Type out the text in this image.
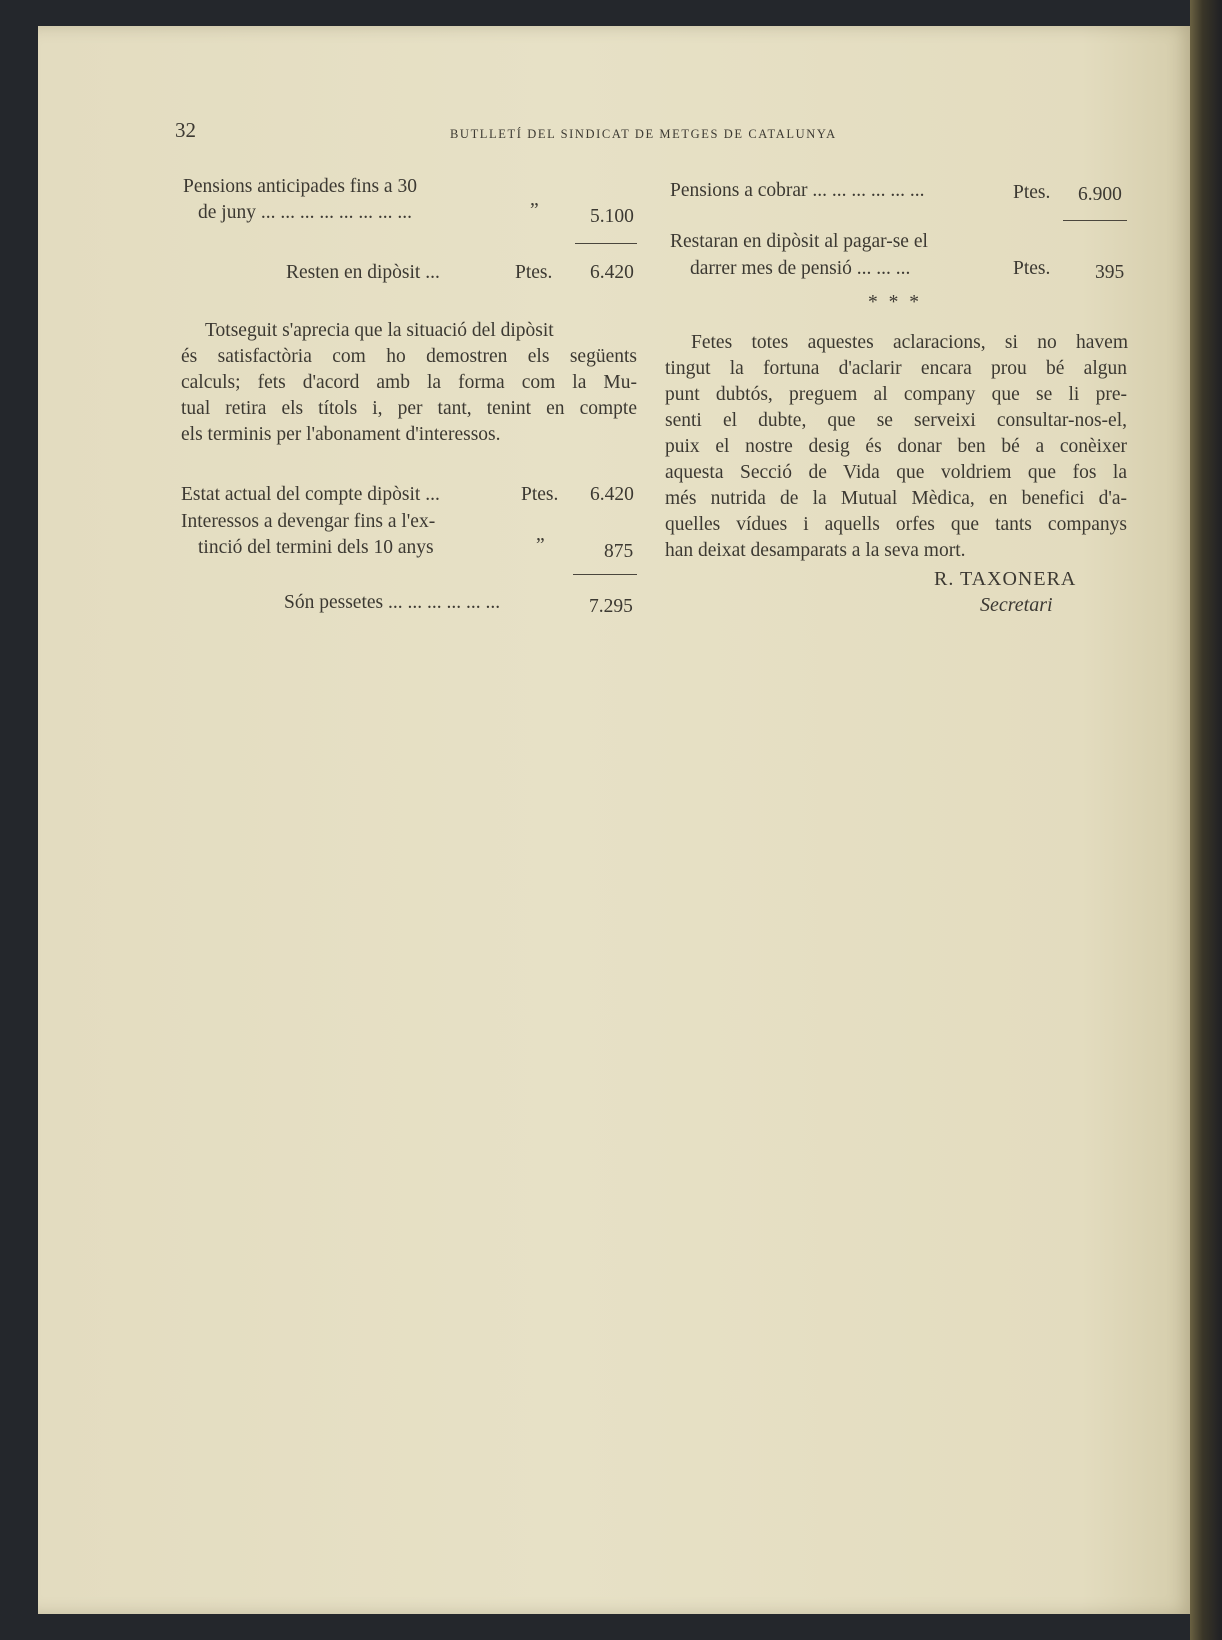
32	BUTLLETÍ DEL SINDICAT DE METGES DE CATALUNYA
Pensions anticipades fins a 30
de juny ... ... ... ... ... ... ... ...	”	5.100
Resten en dipòsit ...	Ptes. 6.420
Totseguit s'aprecia que la situació del dipòsit
és satisfactòria com ho demostren els següents
calculs; fets d'acord amb la forma com la Mu-
tual retira els títols i, per tant, tenint en compte
els terminis per l'abonament d'interessos.
Estat actual del compte dipòsit ...	Ptes. 6.420
Interessos a devengar fins a l'ex-
tinció del termini dels 10 anys	”	875
Són pessetes ... ... ... ... ... ...	7.295
Pensions a cobrar ... ... ... ... ... ...	Ptes. 6.900
Restaran en dipòsit al pagar-se el
darrer mes de pensió ... ... ...	Ptes. 395
* * *
Fetes totes aquestes aclaracions, si no havem
tingut la fortuna d'aclarir encara prou bé algun
punt dubtós, preguem al company que se li pre-
senti el dubte, que se serveixi consultar-nos-el,
puix el nostre desig és donar ben bé a conèixer
aquesta Secció de Vida que voldriem que fos la
més nutrida de la Mutual Mèdica, en benefici d'a-
quelles vídues i aquells orfes que tants companys
han deixat desamparats a la seva mort.
R. TAXONERA
Secretari
